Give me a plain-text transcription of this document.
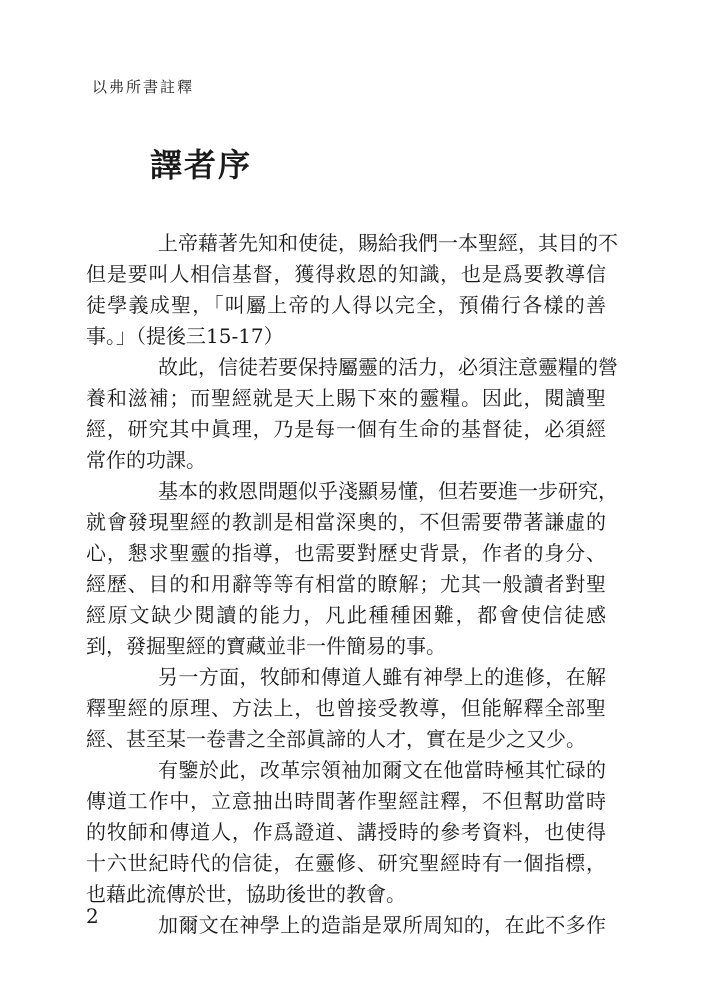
以弗所書註釋
譯者序
上帝藉著先知和使徒，賜給我們一本聖經，其目的不
但是要叫人相信基督，獲得救恩的知識，也是爲要教導信
徒學義成聖，「叫屬上帝的人得以完全，預備行各樣的善
事。」（提後三15-17）
故此，信徒若要保持屬靈的活力，必須注意靈糧的營
養和滋補；而聖經就是天上賜下來的靈糧。因此，閱讀聖
經，研究其中眞理，乃是每一個有生命的基督徒，必須經
常作的功課。
基本的救恩問題似乎淺顯易懂，但若要進一步研究，
就會發現聖經的教訓是相當深奧的，不但需要帶著謙虛的
心，懇求聖靈的指導，也需要對歷史背景，作者的身分、
經歷、目的和用辭等等有相當的瞭解；尤其一般讀者對聖
經原文缺少閱讀的能力，凡此種種困難，都會使信徒感
到，發掘聖經的寶藏並非一件簡易的事。
另一方面，牧師和傳道人雖有神學上的進修，在解
釋聖經的原理、方法上，也曾接受教導，但能解釋全部聖
經、甚至某一卷書之全部眞諦的人才，實在是少之又少。
有鑒於此，改革宗領袖加爾文在他當時極其忙碌的
傳道工作中，立意抽出時間著作聖經註釋，不但幫助當時
的牧師和傳道人，作爲證道、講授時的參考資料，也使得
十六世紀時代的信徒，在靈修、研究聖經時有一個指標，
也藉此流傳於世，協助後世的教會。
加爾文在神學上的造詣是眾所周知的，在此不多作
2
